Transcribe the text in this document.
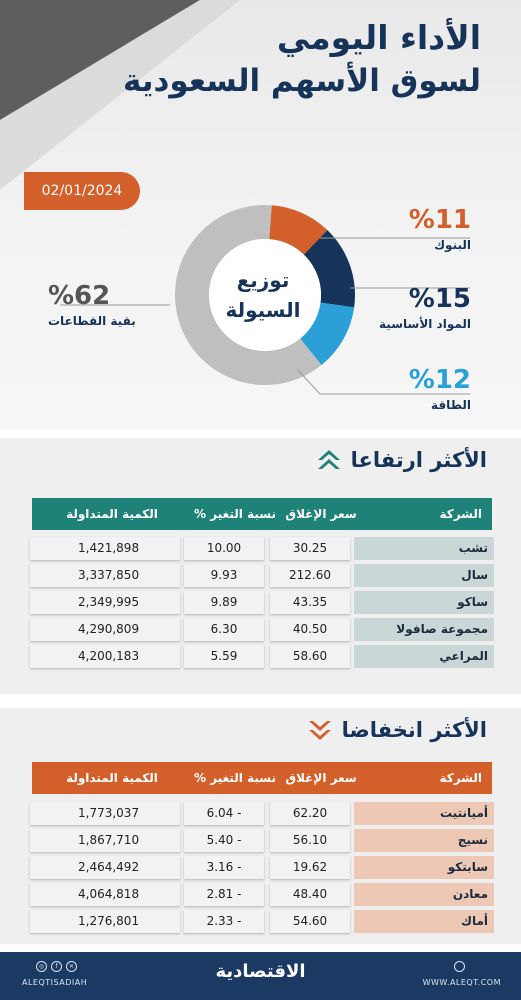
الأداء اليومي
لسوق الأسهم السعودية
02/01/2024
توزيع
السيولة
%11
البنوك
%15
المواد الأساسية
%12
الطاقة
%62
بقية القطاعات
الأكثر ارتفاعا
الشركة
سعر الإغلاق
نسبة التغير %
الكمية المتداولة
تشب
30.25
10.00
1,421,898
سال
212.60
9.93
3,337,850
ساكو
43.35
9.89
2,349,995
مجموعة صافولا
40.50
6.30
4,290,809
المراعي
58.60
5.59
4,200,183
الأكثر انخفاضا
الشركة
سعر الإغلاق
نسبة التغير %
الكمية المتداولة
أميانتيت
62.20
- 6.04
1,773,037
نسيج
56.10
- 5.40
1,867,710
سابتكو
19.62
- 3.16
2,464,492
معادن
48.40
- 2.81
4,064,818
أماك
54.60
- 2.33
1,276,801
◎	f	✕
ALEQTISADIAH
الاقتصادية
WWW.ALEQT.COM
